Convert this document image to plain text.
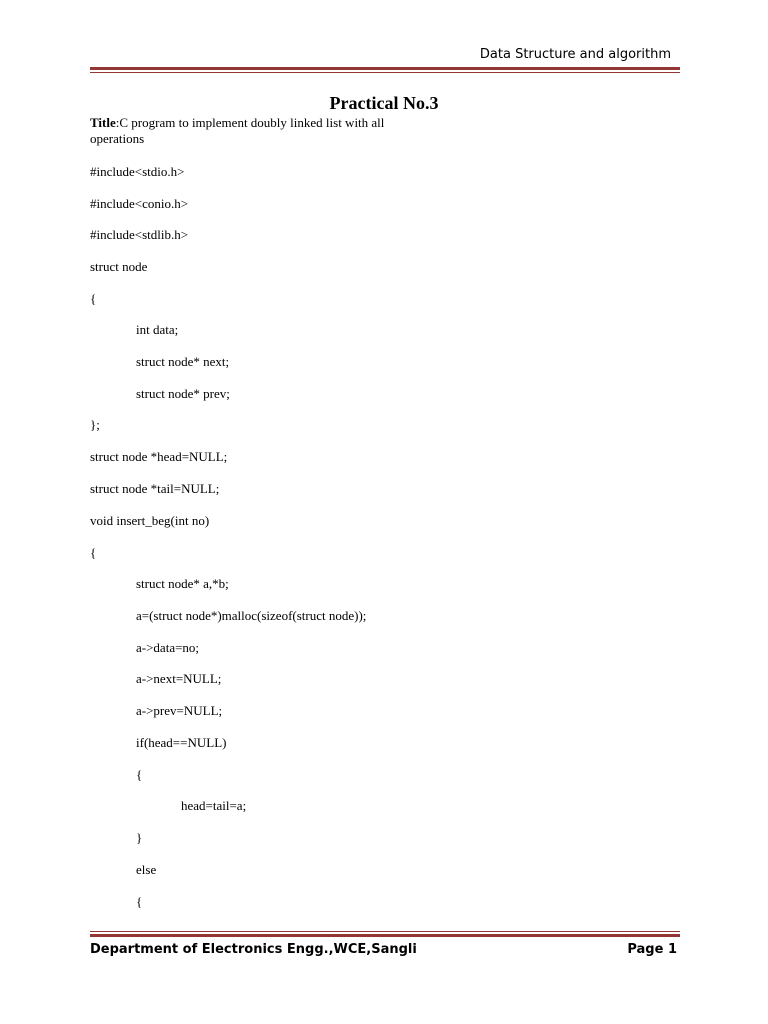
Data Structure and algorithm
Practical No.3
Title:C program to implement doubly linked list with all operations
#include<stdio.h>
#include<conio.h>
#include<stdlib.h>
struct node
{
int data;
struct node* next;
struct node* prev;
};
struct node *head=NULL;
struct node *tail=NULL;
void insert_beg(int no)
{
struct node* a,*b;
a=(struct node*)malloc(sizeof(struct node));
a->data=no;
a->next=NULL;
a->prev=NULL;
if(head==NULL)
{
head=tail=a;
}
else
{
Department of Electronics Engg.,WCE,Sangli	Page 1
